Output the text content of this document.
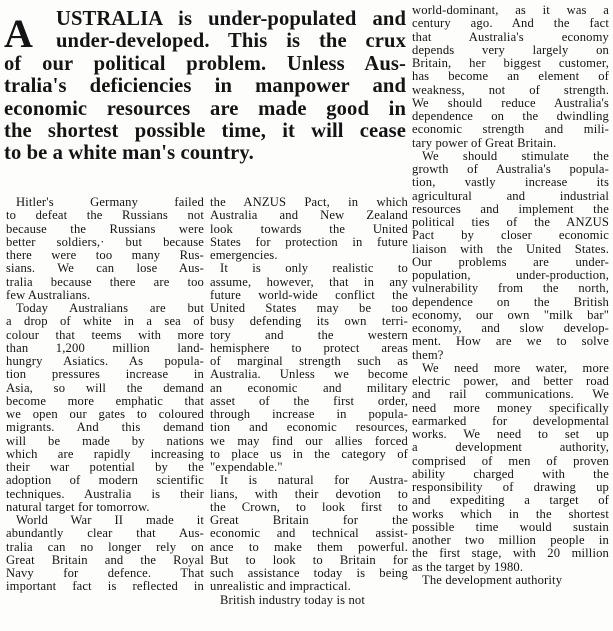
A	USTRALIA is under-populated and
under-developed. This is the crux
of our political problem. Unless Aus-
tralia's deficiencies in manpower and
economic resources are made good in
the shortest possible time, it will cease
to be a white man's country.
Hitler's Germany failed
to defeat the Russians not
because the Russians were
better soldiers,· but because
there were too many Rus-
sians. We can lose Aus-
tralia because there are too
few Australians.
Today Australians are but
a drop of white in a sea of
colour that teems with more
than 1,200 million land-
hungry Asiatics. As popula-
tion pressures increase in
Asia, so will the demand
become more emphatic that
we open our gates to coloured
migrants. And this demand
will be made by nations
which are rapidly increasing
their war potential by the
adoption of modern scientific
techniques. Australia is their
natural target for tomorrow.
World War II made it
abundantly clear that Aus-
tralia can no longer rely on
Great Britain and the Royal
Navy for defence. That
important fact is reflected in
the ANZUS Pact, in which
Australia and New Zealand
look towards the United
States for protection in future
emergencies.
It is only realistic to
assume, however, that in any
future world-wide conflict the
United States may be too
busy defending its own terri-
tory and the western
hemisphere to protect areas
of marginal strength such as
Australia. Unless we become
an economic and military
asset of the first order,
through increase in popula-
tion and economic resources,
we may find our allies forced
to place us in the category of
"expendable."
It is natural for Austra-
lians, with their devotion to
the Crown, to look first to
Great Britain for the
economic and technical assist-
ance to make them powerful.
But to look to Britain for
such assistance today is being
unrealistic and impractical.
British industry today is not
world-dominant, as it was a
century ago. And the fact
that Australia's economy
depends very largely on
Britain, her biggest customer,
has become an element of
weakness, not of strength.
We should reduce Australia's
dependence on the dwindling
economic strength and mili-
tary power of Great Britain.
We should stimulate the
growth of Australia's popula-
tion, vastly increase its
agricultural and industrial
resources and implement the
political ties of the ANZUS
Pact by closer economic
liaison with the United States.
Our problems are under-
population, under-production,
vulnerability from the north,
dependence on the British
economy, our own "milk bar"
economy, and slow develop-
ment. How are we to solve
them?
We need more water, more
electric power, and better road
and rail communications. We
need more money specifically
earmarked for developmental
works. We need to set up
a development authority,
comprised of men of proven
ability charged with the
responsibility of drawing up
and expediting a target of
works which in the shortest
possible time would sustain
another two million people in
the first stage, with 20 million
as the target by 1980.
The development authority
